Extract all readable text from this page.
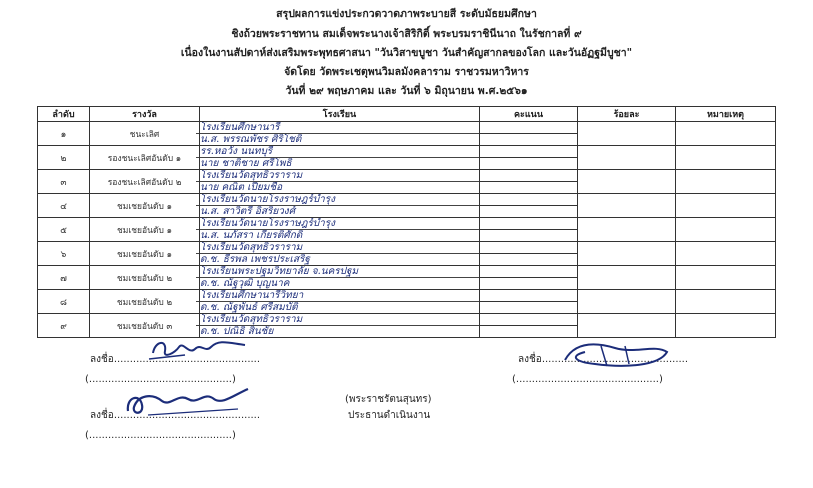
สรุปผลการแข่งประกวดวาดภาพระบายสี ระดับมัธยมศึกษา
ชิงถ้วยพระราชทาน สมเด็จพระนางเจ้าสิริกิติ์ พระบรมราชินีนาถ ในรัชกาลที่ ๙
เนื่องในงานสัปดาห์ส่งเสริมพระพุทธศาสนา "วันวิสาขบูชา วันสำคัญสากลของโลก และวันอัฏฐมีบูชา"
จัดโดย วัดพระเชตุพนวิมลมังคลาราม ราชวรมหาวิหาร
วันที่ ๒๙ พฤษภาคม และ วันที่ ๖ มิถุนายน พ.ศ.๒๕๖๑
ลำดับ	รางวัล	โรงเรียน	คะแนน	ร้อยละ	หมายเหตุ
๑	ชนะเลิศ	โรงเรียนศึกษานารี
น.ส. พรรณพัชร ศิริโชติ			

๒	รองชนะเลิศอันดับ ๑	รร.หอวัง นนทบุรี
นาย ชาติชาย ศรีโพธิ์			

๓	รองชนะเลิศอันดับ ๒	โรงเรียนวัดสุทธิวราราม
นาย คณิต เปี่ยมชื่อ			

๔	ชมเชยอันดับ ๑	โรงเรียนวัดนายโรงราษฎร์บำรุง
น.ส. สาวิตรี อิสริยวงศ์			

๕	ชมเชยอันดับ ๑	โรงเรียนวัดนายโรงราษฎร์บำรุง
น.ส. นภัสรา เกียรติศักดิ์			

๖	ชมเชยอันดับ ๑	โรงเรียนวัดสุทธิวราราม
ด.ช. ธีรพล เพชรประเสริฐ			

๗	ชมเชยอันดับ ๒	โรงเรียนพระปฐมวิทยาลัย จ.นครปฐม
ด.ช. ณัฐวุฒิ บุญนาค			

๘	ชมเชยอันดับ ๒	โรงเรียนศึกษานารีวิทยา
ด.ช. ณัฐพันธ์ ศรีสมบัติ			

๙	ชมเชยอันดับ ๓	โรงเรียนวัดสุทธิวราราม
ด.ช. ปณิธิ สินชัย			

ลงชื่อ..............................................
(.............................................)
ลงชื่อ..............................................
(.............................................)
ลงชื่อ..............................................
(พระราชรัตนสุนทร)
ประธานดำเนินงาน
(.............................................)
